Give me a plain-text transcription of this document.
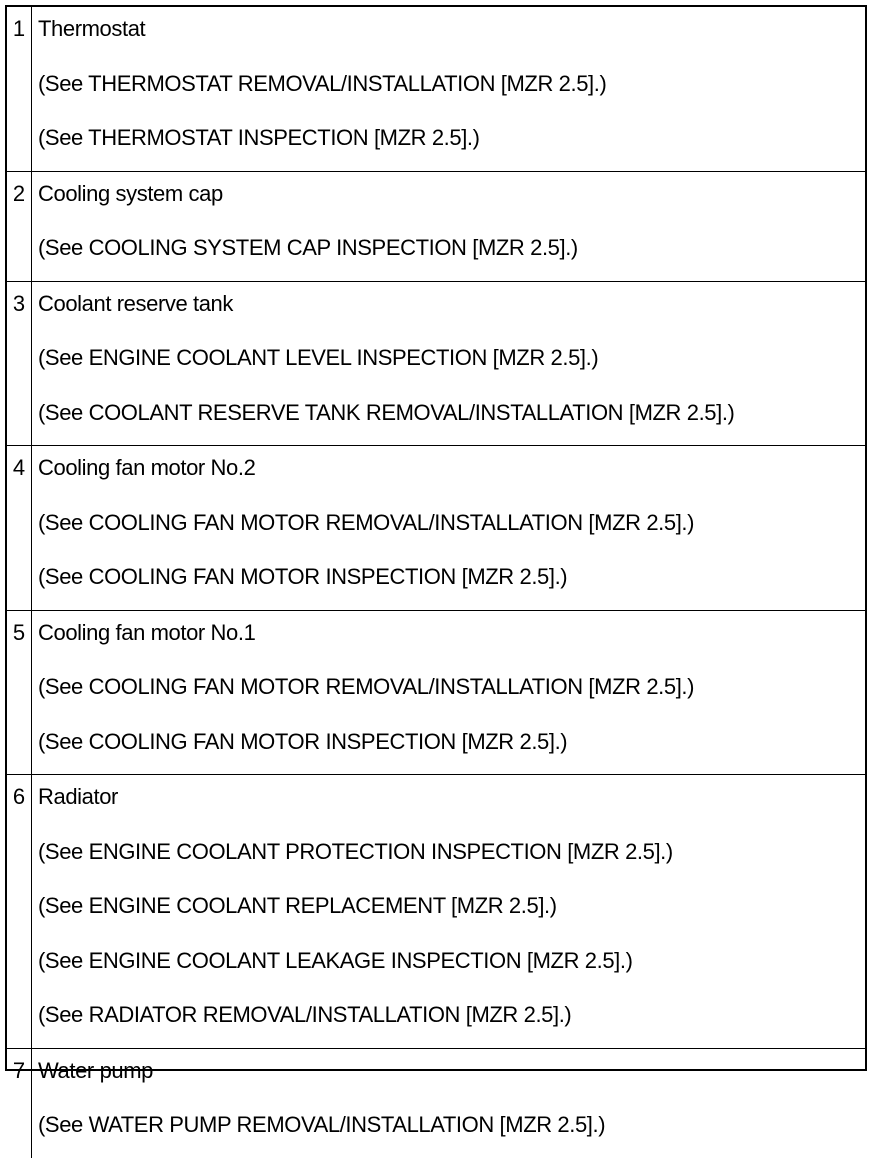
1	Thermostat
(See THERMOSTAT REMOVAL/INSTALLATION [MZR 2.5].)
(See THERMOSTAT INSPECTION [MZR 2.5].)

2	Cooling system cap
(See COOLING SYSTEM CAP INSPECTION [MZR 2.5].)

3	Coolant reserve tank
(See ENGINE COOLANT LEVEL INSPECTION [MZR 2.5].)
(See COOLANT RESERVE TANK REMOVAL/INSTALLATION [MZR 2.5].)

4	Cooling fan motor No.2
(See COOLING FAN MOTOR REMOVAL/INSTALLATION [MZR 2.5].)
(See COOLING FAN MOTOR INSPECTION [MZR 2.5].)

5	Cooling fan motor No.1
(See COOLING FAN MOTOR REMOVAL/INSTALLATION [MZR 2.5].)
(See COOLING FAN MOTOR INSPECTION [MZR 2.5].)

6	Radiator
(See ENGINE COOLANT PROTECTION INSPECTION [MZR 2.5].)
(See ENGINE COOLANT REPLACEMENT [MZR 2.5].)
(See ENGINE COOLANT LEAKAGE INSPECTION [MZR 2.5].)
(See RADIATOR REMOVAL/INSTALLATION [MZR 2.5].)

7	Water pump
(See WATER PUMP REMOVAL/INSTALLATION [MZR 2.5].)
